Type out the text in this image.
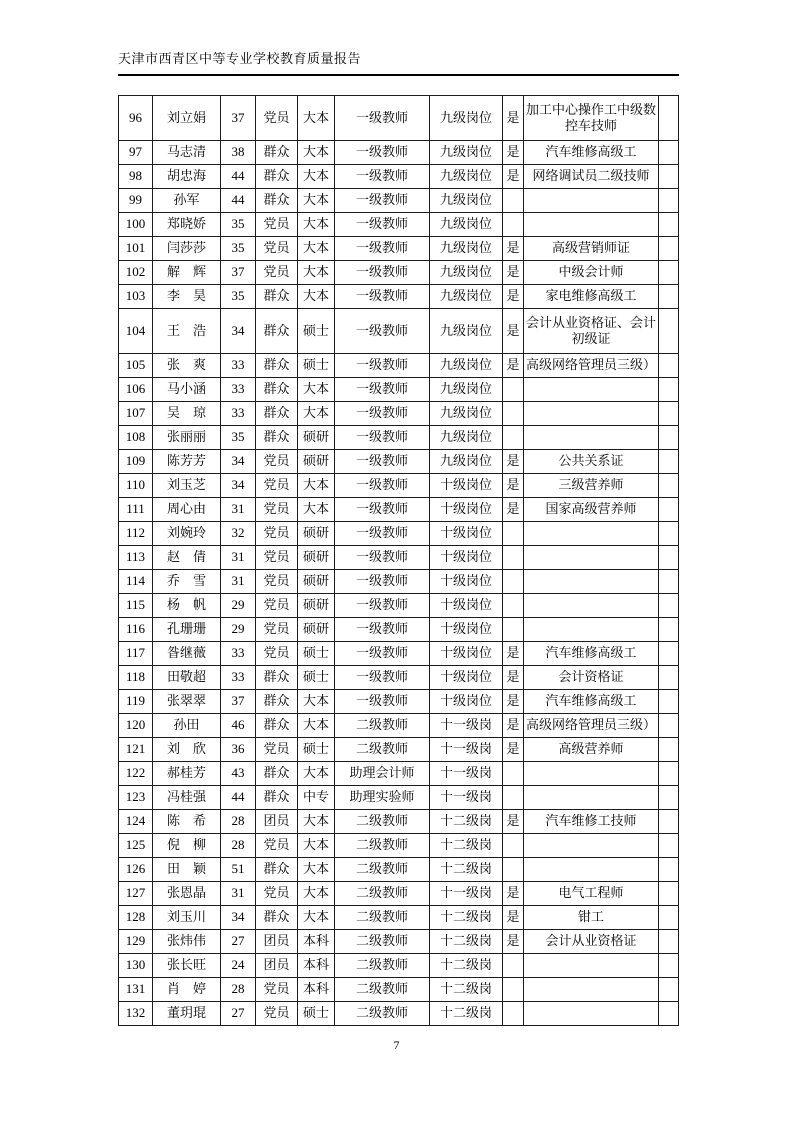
天津市西青区中等专业学校教育质量报告
96	刘立娟	37	党员	大本	一级教师	九级岗位	是	加工中心操作工中级数控车技师	
97	马志清	38	群众	大本	一级教师	九级岗位	是	汽车维修高级工	
98	胡忠海	44	群众	大本	一级教师	九级岗位	是	网络调试员二级技师	
99	孙军	44	群众	大本	一级教师	九级岗位			
100	郑晓娇	35	党员	大本	一级教师	九级岗位			
101	闫莎莎	35	党员	大本	一级教师	九级岗位	是	高级营销师证	
102	解　辉	37	党员	大本	一级教师	九级岗位	是	中级会计师	
103	李　昊	35	群众	大本	一级教师	九级岗位	是	家电维修高级工	
104	王　浩	34	群众	硕士	一级教师	九级岗位	是	会计从业资格证、会计初级证	
105	张　爽	33	群众	硕士	一级教师	九级岗位	是	高级网络管理员三级）	
106	马小涵	33	群众	大本	一级教师	九级岗位			
107	吴　琼	33	群众	大本	一级教师	九级岗位			
108	张丽丽	35	群众	硕研	一级教师	九级岗位			
109	陈芳芳	34	党员	硕研	一级教师	九级岗位	是	公共关系证	
110	刘玉芝	34	党员	大本	一级教师	十级岗位	是	三级营养师	
111	周心由	31	党员	大本	一级教师	十级岗位	是	国家高级营养师	
112	刘婉玲	32	党员	硕研	一级教师	十级岗位			
113	赵　倩	31	党员	硕研	一级教师	十级岗位			
114	乔　雪	31	党员	硕研	一级教师	十级岗位			
115	杨　帆	29	党员	硕研	一级教师	十级岗位			
116	孔珊珊	29	党员	硕研	一级教师	十级岗位			
117	昝继薇	33	党员	硕士	一级教师	十级岗位	是	汽车维修高级工	
118	田敬超	33	群众	硕士	一级教师	十级岗位	是	会计资格证	
119	张翠翠	37	群众	大本	一级教师	十级岗位	是	汽车维修高级工	
120	孙田	46	群众	大本	二级教师	十一级岗	是	高级网络管理员三级）	
121	刘　欣	36	党员	硕士	二级教师	十一级岗	是	高级营养师	
122	郝桂芳	43	群众	大本	助理会计师	十一级岗			
123	冯桂强	44	群众	中专	助理实验师	十一级岗			
124	陈　希	28	团员	大本	二级教师	十二级岗	是	汽车维修工技师	
125	倪　柳	28	党员	大本	二级教师	十二级岗			
126	田　颖	51	群众	大本	二级教师	十二级岗			
127	张恩晶	31	党员	大本	二级教师	十一级岗	是	电气工程师	
128	刘玉川	34	群众	大本	二级教师	十二级岗	是	钳工	
129	张炜伟	27	团员	本科	二级教师	十二级岗	是	会计从业资格证	
130	张长旺	24	团员	本科	二级教师	十二级岗			
131	肖　婷	28	党员	本科	二级教师	十二级岗			
132	董玥琨	27	党员	硕士	二级教师	十二级岗			
7
